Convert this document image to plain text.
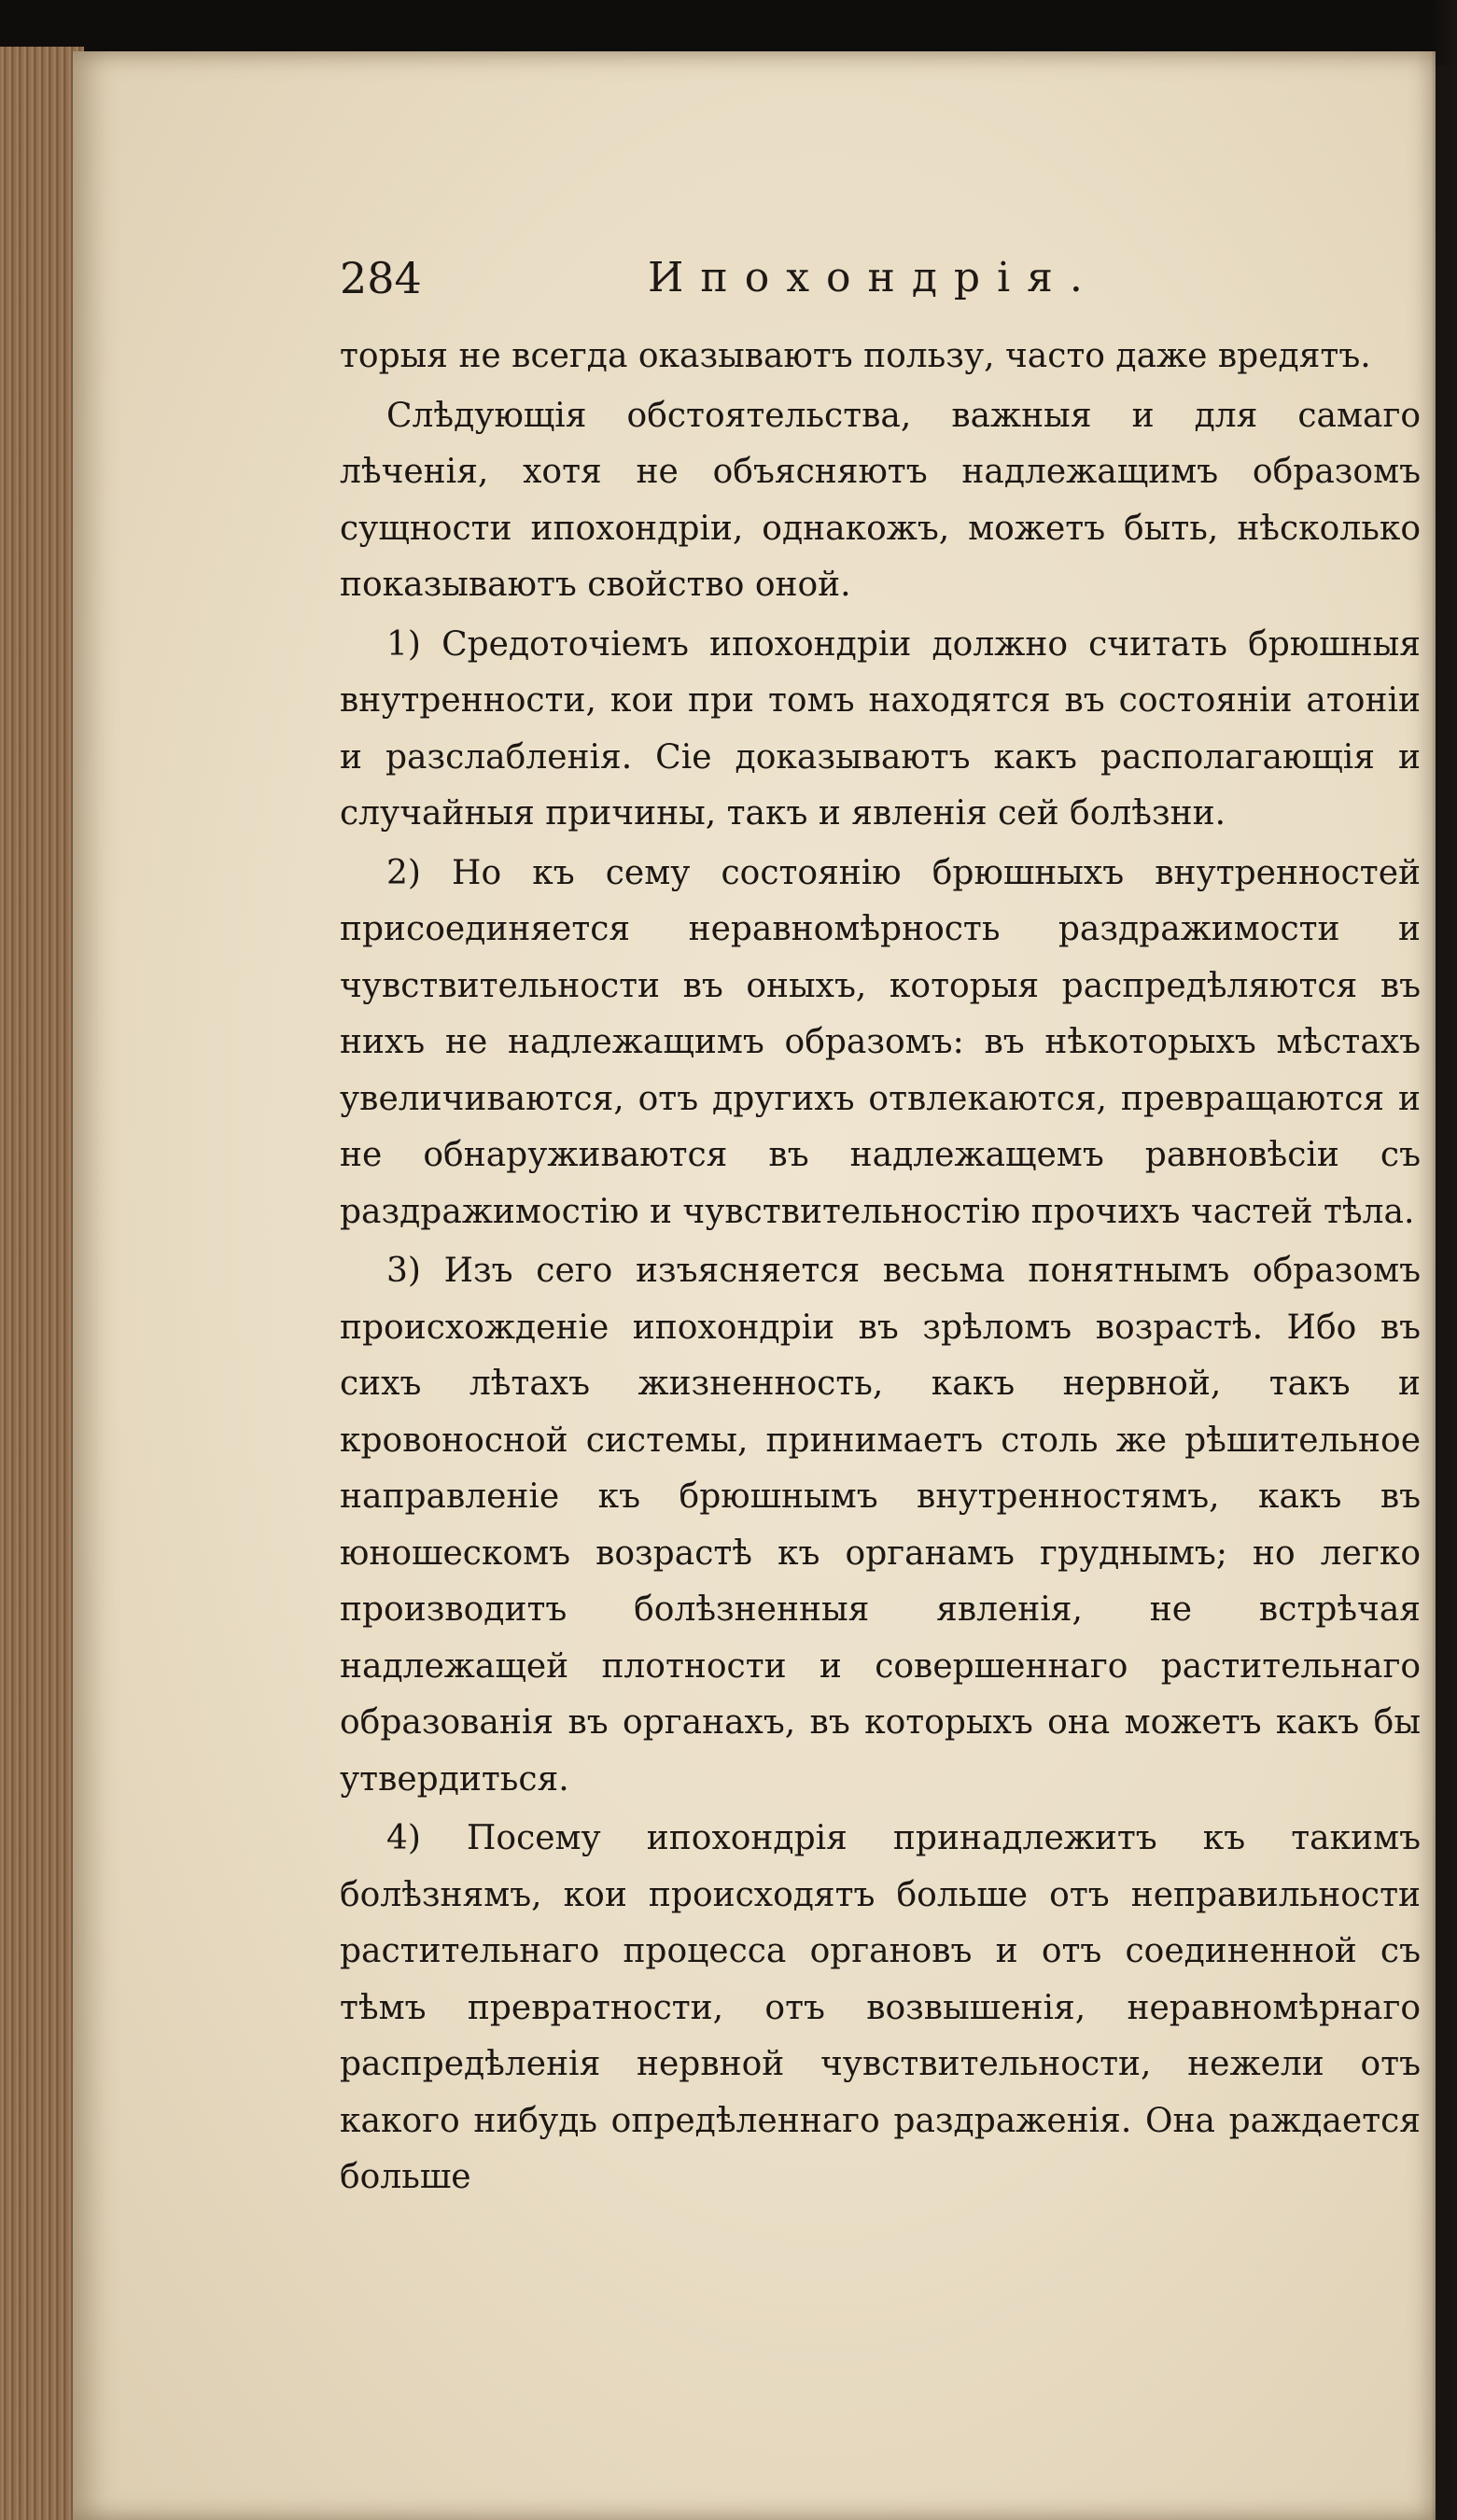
284	Ипохондрія.

торыя не всегда оказываютъ пользу, часто даже вредятъ.

Слѣдующія обстоятельства, важныя и для самаго лѣченія, хотя не объясняютъ надлежащимъ образомъ сущности ипохондріи, однакожъ, можетъ быть, нѣсколько показываютъ свойство оной.

1) Средоточіемъ ипохондріи должно считать брюшныя внутренности, кои при томъ находятся въ состояніи атоніи и разслабленія. Сіе доказываютъ какъ располагающія и случайныя причины, такъ и явленія сей болѣзни.

2) Но къ сему состоянію брюшныхъ внутренностей присоединяется неравномѣрность раздражимости и чувствительности въ оныхъ, которыя распредѣляются въ нихъ не надлежащимъ образомъ: въ нѣкоторыхъ мѣстахъ увеличиваются, отъ другихъ отвлекаются, превращаются и не обнаруживаются въ надлежащемъ равновѣсіи съ раздражимостію и чувствительностію прочихъ частей тѣла.

3) Изъ сего изъясняется весьма понятнымъ образомъ происхожденіе ипохондріи въ зрѣломъ возрастѣ. Ибо въ сихъ лѣтахъ жизненность, какъ нервной, такъ и кровоносной системы, принимаетъ столь же рѣшительное направленіе къ брюшнымъ внутренностямъ, какъ въ юношескомъ возрастѣ къ органамъ груднымъ; но легко производитъ болѣзненныя явленія, не встрѣчая надлежащей плотности и совершеннаго растительнаго образованія въ органахъ, въ которыхъ она можетъ какъ бы утвердиться.

4) Посему ипохондрія принадлежитъ къ такимъ болѣзнямъ, кои происходятъ больше отъ неправильности растительнаго процесса органовъ и отъ соединенной съ тѣмъ превратности, отъ возвышенія, неравномѣрнаго распредѣленія нервной чувствительности, нежели отъ какого нибудь опредѣленнаго раздраженія. Она раждается больше
